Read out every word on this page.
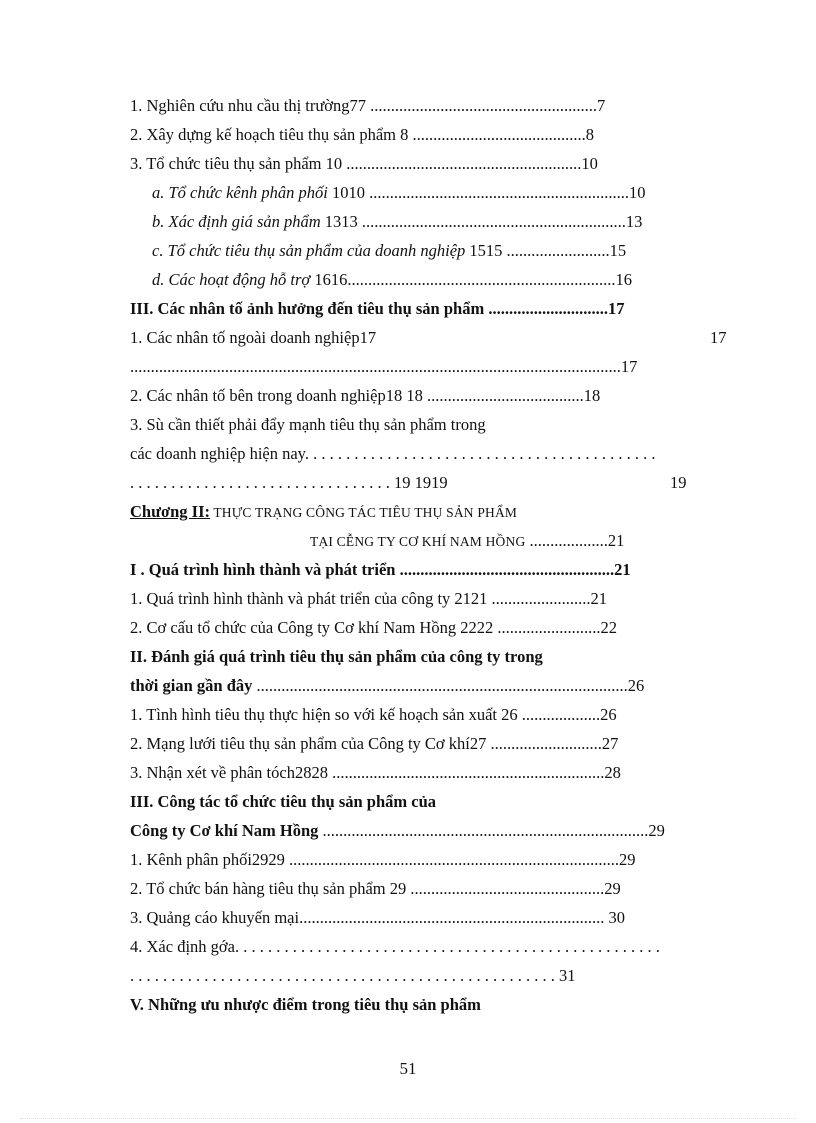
1. Nghiên cứu nhu cầu thị trường77 .......................................................7
2. Xây dựng kế hoạch tiêu thụ sản phẩm 8 ..........................................8
3. Tổ chức tiêu thụ sản phẩm 10 .........................................................10
a. Tổ chức kênh phân phối 1010 ...............................................................10
b. Xác định giá sản phẩm 1313 ................................................................13
c. Tổ chức tiêu thụ sản phẩm của doanh nghiệp 1515 .........................15
d. Các hoạt động hỗ trợ 1616.................................................................16
III. Các nhân tố ảnh hưởng đến tiêu thụ sản phẩm .............................17
1. Các nhân tố ngoài doanh nghiệp17	17
.......................................................................................................................17
2. Các nhân tố bên trong doanh nghiệp18 18 ......................................18
3. Sù cần thiết phải đẩy mạnh tiêu thụ sản phẩm trong
các doanh nghiệp hiện nay. . . . . . . . . . . . . . . . . . . . . . . . . . . . . . . . . . . . . . . . . . .
. . . . . . . . . . . . . . . . . . . . . . . . . . . . . . . . 19 1919	19
Chương II: THỰC TRẠNG CÔNG TÁC TIÊU THỤ SẢN PHẨM
TẠI CỄNG TY CƠ KHÍ NAM HỒNG ...................21
I . Quá trình hình thành và phát triển ....................................................21
1. Quá trình hình thành và phát triển của công ty 2121 ........................21
2. Cơ cấu tổ chức của Công ty Cơ khí Nam Hồng 2222 .........................22
II. Đánh giá quá trình tiêu thụ sản phẩm của công ty trong
thời gian gần đây ..........................................................................................26
1. Tình hình tiêu thụ thực hiện so với kế hoạch sản xuất 26 ...................26
2. Mạng lưới tiêu thụ sản phẩm của Công ty Cơ khí27 ...........................27
3. Nhận xét về phân tóch2828 ..................................................................28
III. Công tác tổ chức tiêu thụ sản phẩm của
Công ty Cơ khí Nam Hồng ...............................................................................29
1. Kênh phân phối2929 ................................................................................29
2. Tổ chức bán hàng tiêu thụ sản phẩm 29 ...............................................29
3. Quảng cáo khuyến mại.......................................................................... 30
4. Xác định gớa. . . . . . . . . . . . . . . . . . . . . . . . . . . . . . . . . . . . . . . . . . . . . . . . . . . .
. . . . . . . . . . . . . . . . . . . . . . . . . . . . . . . . . . . . . . . . . . . . . . . . . . . . 31
V. Những ưu nhược điểm trong tiêu thụ sản phẩm
51
